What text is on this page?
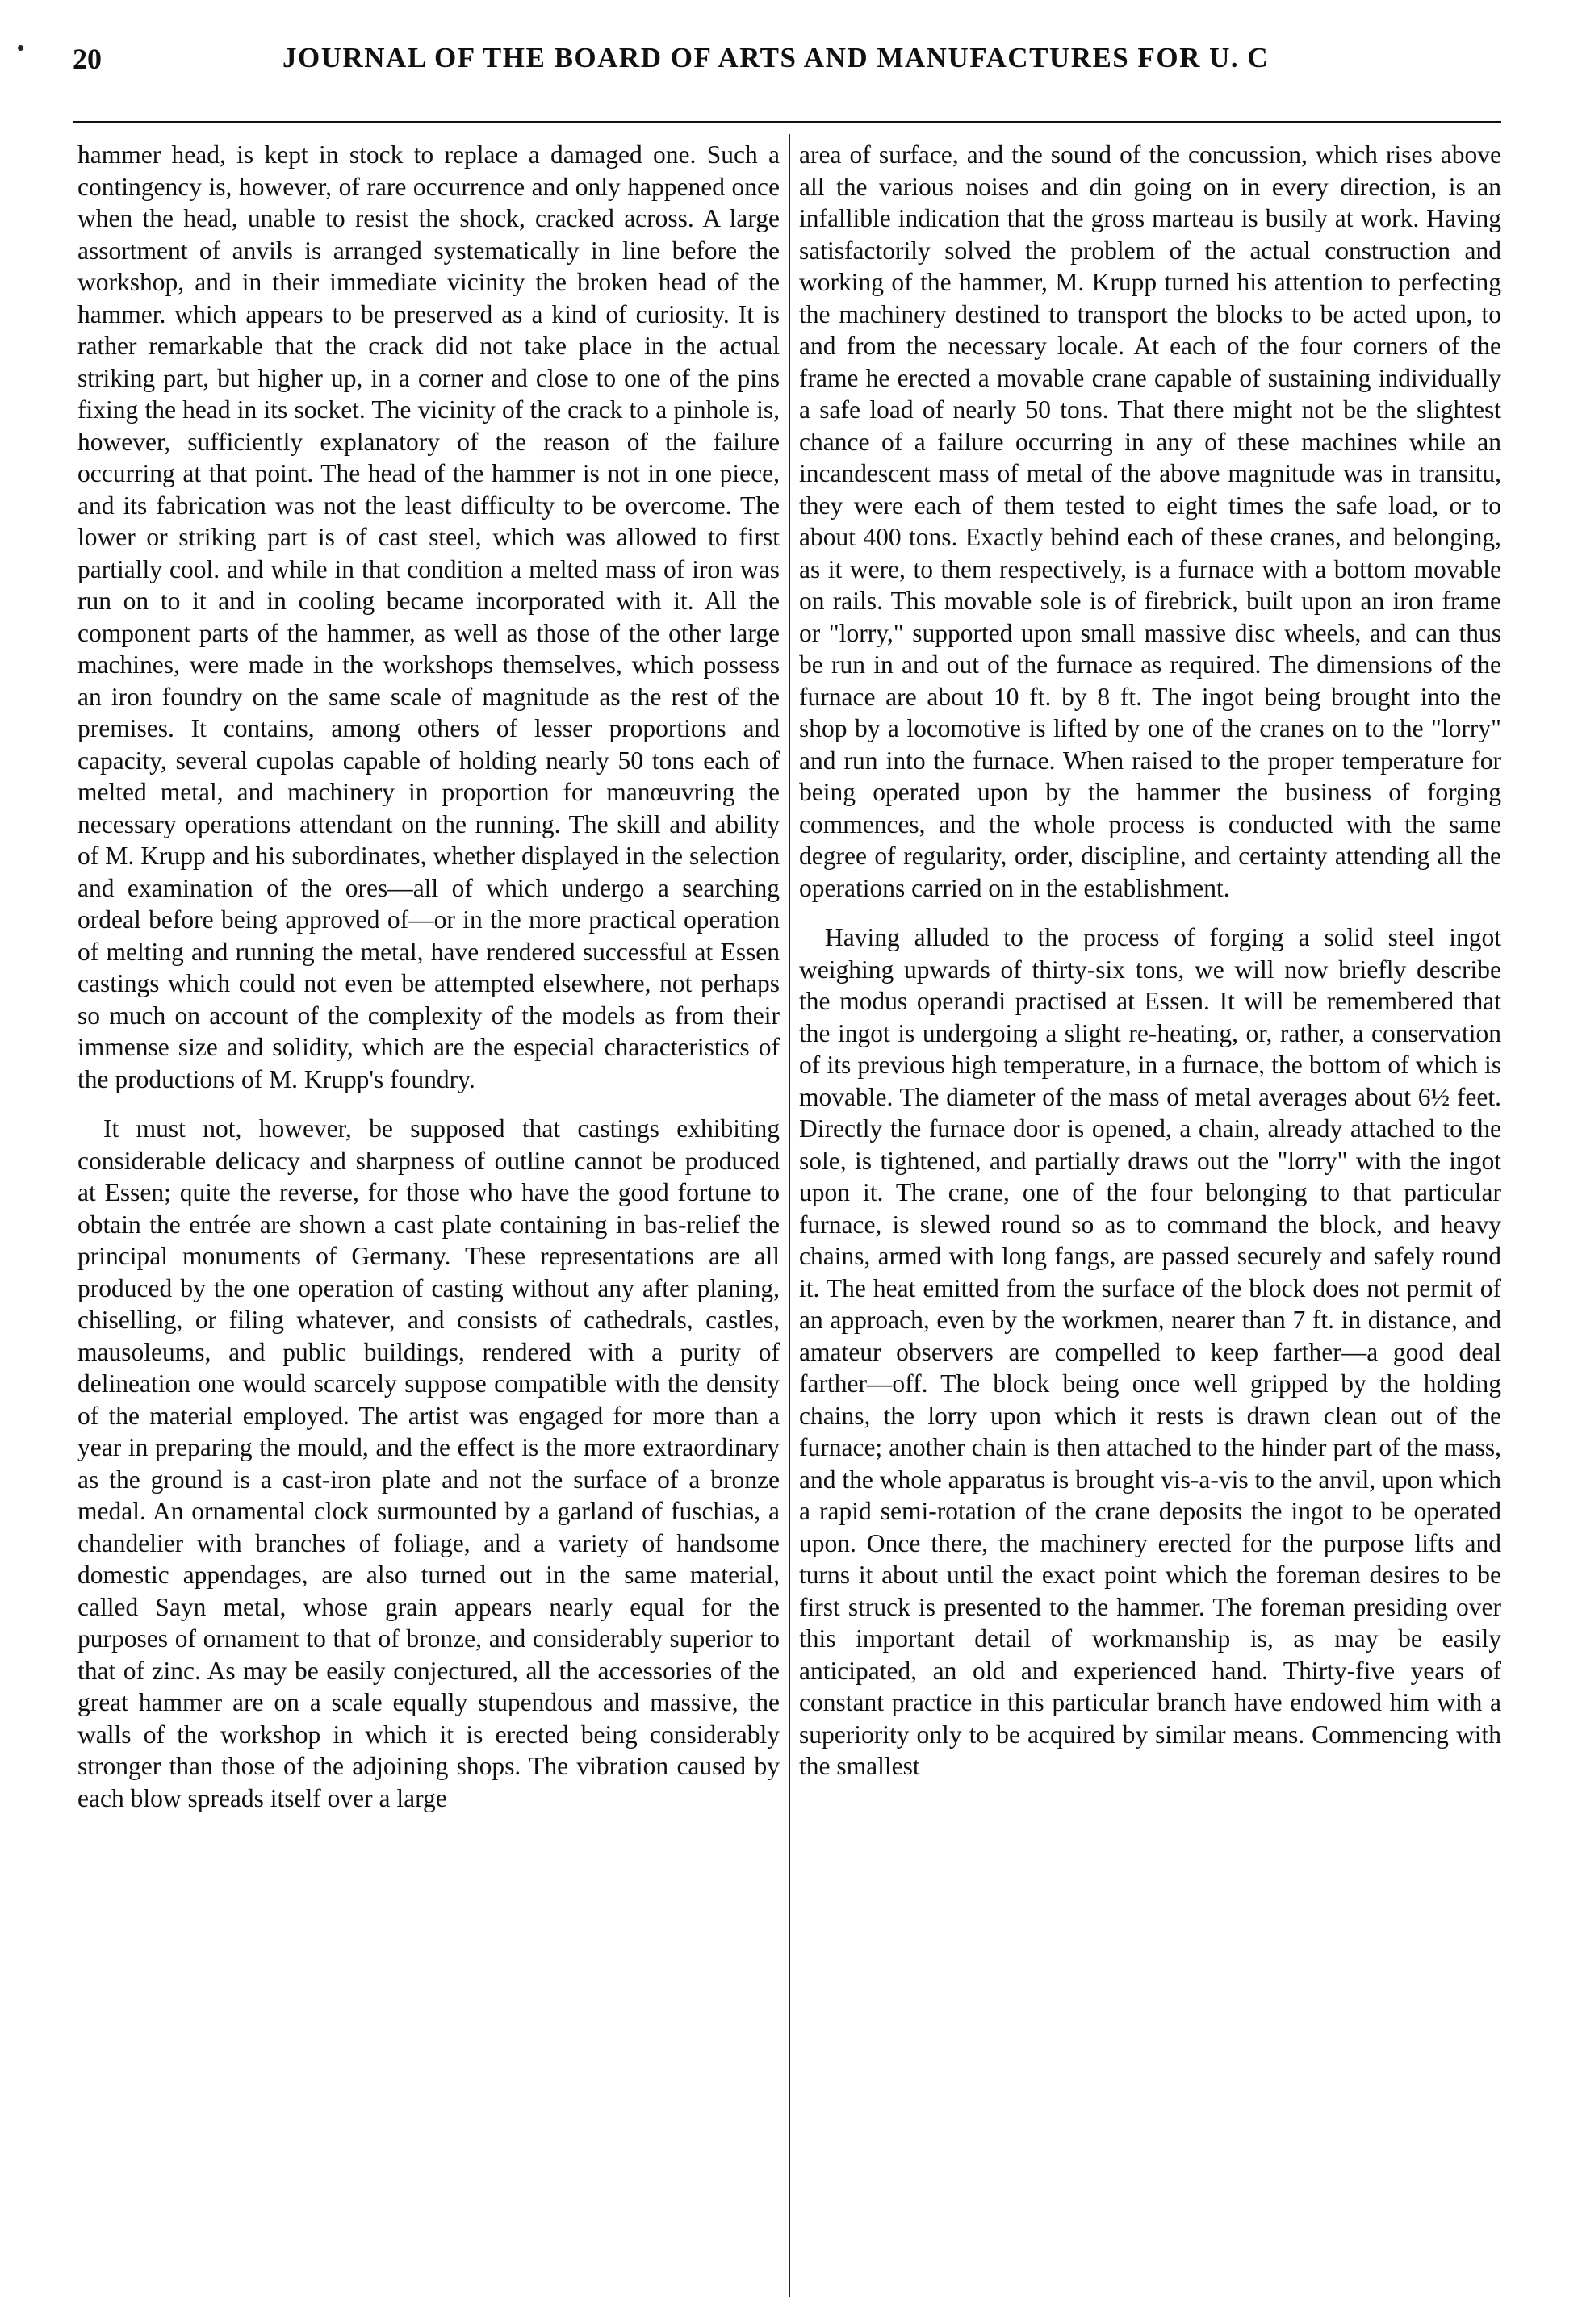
20	JOURNAL OF THE BOARD OF ARTS AND MANUFACTURES FOR U. C

hammer head, is kept in stock to replace a damaged one. Such a contingency is, however, of rare occurrence and only happened once when the head, unable to resist the shock, cracked across. A large assortment of anvils is arranged systematically in line before the workshop, and in their immediate vicinity the broken head of the hammer. which appears to be preserved as a kind of curiosity. It is rather remarkable that the crack did not take place in the actual striking part, but higher up, in a corner and close to one of the pins fixing the head in its socket. The vicinity of the crack to a pinhole is, however, sufficiently explanatory of the reason of the failure occurring at that point. The head of the hammer is not in one piece, and its fabrication was not the least difficulty to be overcome. The lower or striking part is of cast steel, which was allowed to first partially cool. and while in that condition a melted mass of iron was run on to it and in cooling became incorporated with it. All the component parts of the hammer, as well as those of the other large machines, were made in the workshops themselves, which possess an iron foundry on the same scale of magnitude as the rest of the premises. It contains, among others of lesser proportions and capacity, several cupolas capable of holding nearly 50 tons each of melted metal, and machinery in proportion for manœuvring the necessary operations attendant on the running. The skill and ability of M. Krupp and his subordinates, whether displayed in the selection and examination of the ores—all of which undergo a searching ordeal before being approved of—or in the more practical operation of melting and running the metal, have rendered successful at Essen castings which could not even be attempted elsewhere, not perhaps so much on account of the complexity of the models as from their immense size and solidity, which are the especial characteristics of the productions of M. Krupp's foundry.

It must not, however, be supposed that castings exhibiting considerable delicacy and sharpness of outline cannot be produced at Essen; quite the reverse, for those who have the good fortune to obtain the entrée are shown a cast plate containing in bas-relief the principal monuments of Germany. These representations are all produced by the one operation of casting without any after planing, chiselling, or filing whatever, and consists of cathedrals, castles, mausoleums, and public buildings, rendered with a purity of delineation one would scarcely suppose compatible with the density of the material employed. The artist was engaged for more than a year in preparing the mould, and the effect is the more extraordinary as the ground is a cast-iron plate and not the surface of a bronze medal. An ornamental clock surmounted by a garland of fuschias, a chandelier with branches of foliage, and a variety of handsome domestic appendages, are also turned out in the same material, called Sayn metal, whose grain appears nearly equal for the purposes of ornament to that of bronze, and considerably superior to that of zinc. As may be easily conjectured, all the accessories of the great hammer are on a scale equally stupendous and massive, the walls of the workshop in which it is erected being considerably stronger than those of the adjoining shops. The vibration caused by each blow spreads itself over a large

area of surface, and the sound of the concussion, which rises above all the various noises and din going on in every direction, is an infallible indication that the gross marteau is busily at work. Having satisfactorily solved the problem of the actual construction and working of the hammer, M. Krupp turned his attention to perfecting the machinery destined to transport the blocks to be acted upon, to and from the necessary locale. At each of the four corners of the frame he erected a movable crane capable of sustaining individually a safe load of nearly 50 tons. That there might not be the slightest chance of a failure occurring in any of these machines while an incandescent mass of metal of the above magnitude was in transitu, they were each of them tested to eight times the safe load, or to about 400 tons. Exactly behind each of these cranes, and belonging, as it were, to them respectively, is a furnace with a bottom movable on rails. This movable sole is of firebrick, built upon an iron frame or "lorry," supported upon small massive disc wheels, and can thus be run in and out of the furnace as required. The dimensions of the furnace are about 10 ft. by 8 ft. The ingot being brought into the shop by a locomotive is lifted by one of the cranes on to the "lorry" and run into the furnace. When raised to the proper temperature for being operated upon by the hammer the business of forging commences, and the whole process is conducted with the same degree of regularity, order, discipline, and certainty attending all the operations carried on in the establishment.

Having alluded to the process of forging a solid steel ingot weighing upwards of thirty-six tons, we will now briefly describe the modus operandi practised at Essen. It will be remembered that the ingot is undergoing a slight re-heating, or, rather, a conservation of its previous high temperature, in a furnace, the bottom of which is movable. The diameter of the mass of metal averages about 6½ feet. Directly the furnace door is opened, a chain, already attached to the sole, is tightened, and partially draws out the "lorry" with the ingot upon it. The crane, one of the four belonging to that particular furnace, is slewed round so as to command the block, and heavy chains, armed with long fangs, are passed securely and safely round it. The heat emitted from the surface of the block does not permit of an approach, even by the workmen, nearer than 7 ft. in distance, and amateur observers are compelled to keep farther—a good deal farther—off. The block being once well gripped by the holding chains, the lorry upon which it rests is drawn clean out of the furnace; another chain is then attached to the hinder part of the mass, and the whole apparatus is brought vis-a-vis to the anvil, upon which a rapid semi-rotation of the crane deposits the ingot to be operated upon. Once there, the machinery erected for the purpose lifts and turns it about until the exact point which the foreman desires to be first struck is presented to the hammer. The foreman presiding over this important detail of workmanship is, as may be easily anticipated, an old and experienced hand. Thirty-five years of constant practice in this particular branch have endowed him with a superiority only to be acquired by similar means. Commencing with the smallest
